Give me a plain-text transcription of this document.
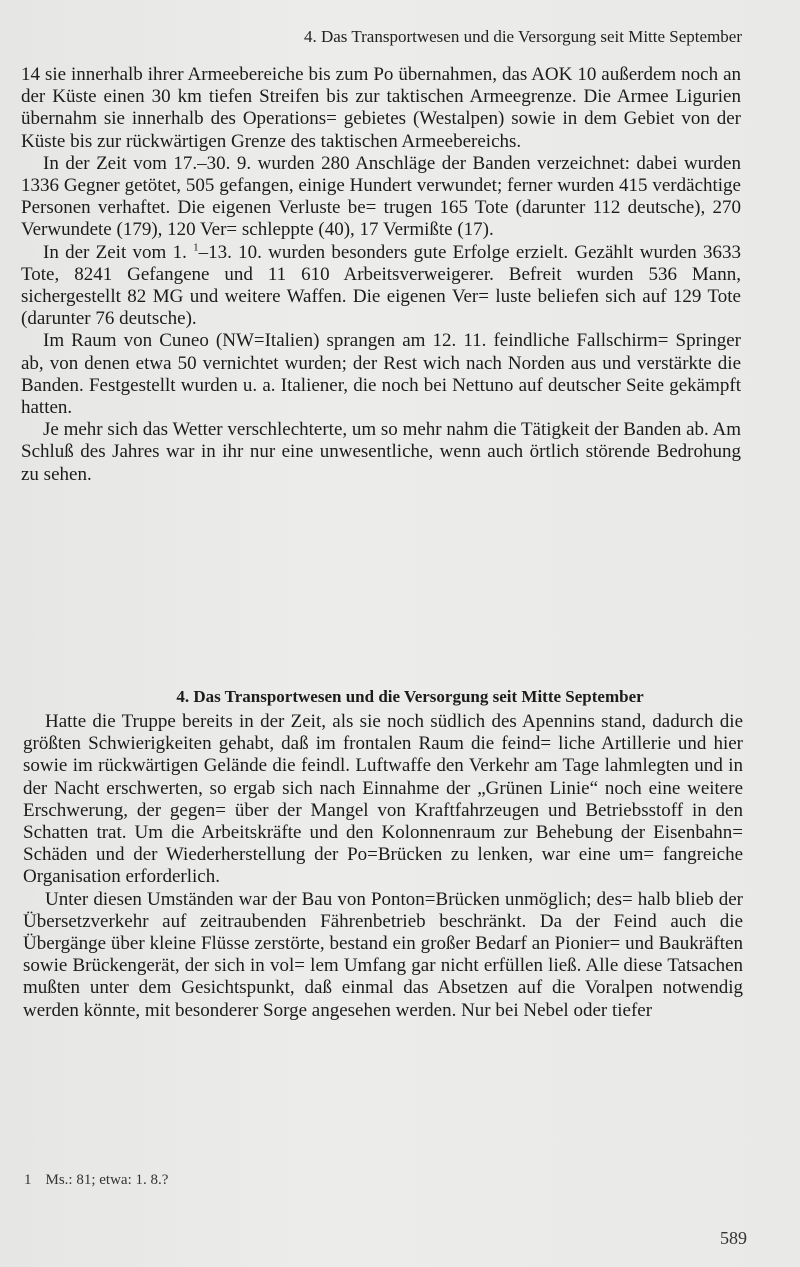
4. Das Transportwesen und die Versorgung seit Mitte September

14 sie innerhalb ihrer Armeebereiche bis zum Po übernahmen, das AOK 10 außerdem noch an der Küste einen 30 km tiefen Streifen bis zur taktischen Armeegrenze. Die Armee Ligurien übernahm sie innerhalb des Operations= gebietes (Westalpen) sowie in dem Gebiet von der Küste bis zur rückwärtigen Grenze des taktischen Armeebereichs.

In der Zeit vom 17.–30. 9. wurden 280 Anschläge der Banden verzeichnet: dabei wurden 1336 Gegner getötet, 505 gefangen, einige Hundert verwundet; ferner wurden 415 verdächtige Personen verhaftet. Die eigenen Verluste be= trugen 165 Tote (darunter 112 deutsche), 270 Verwundete (179), 120 Ver= schleppte (40), 17 Vermißte (17).

In der Zeit vom 1. $^1$–13. 10. wurden besonders gute Erfolge erzielt. Gezählt wurden 3633 Tote, 8241 Gefangene und 11 610 Arbeitsverweigerer. Befreit wurden 536 Mann, sichergestellt 82 MG und weitere Waffen. Die eigenen Ver= luste beliefen sich auf 129 Tote (darunter 76 deutsche).

Im Raum von Cuneo (NW=Italien) sprangen am 12. 11. feindliche Fallschirm= Springer ab, von denen etwa 50 vernichtet wurden; der Rest wich nach Norden aus und verstärkte die Banden. Festgestellt wurden u. a. Italiener, die noch bei Nettuno auf deutscher Seite gekämpft hatten.

Je mehr sich das Wetter verschlechterte, um so mehr nahm die Tätigkeit der Banden ab. Am Schluß des Jahres war in ihr nur eine unwesentliche, wenn auch örtlich störende Bedrohung zu sehen.

4. Das Transportwesen und die Versorgung seit Mitte September

Hatte die Truppe bereits in der Zeit, als sie noch südlich des Apennins stand, dadurch die größten Schwierigkeiten gehabt, daß im frontalen Raum die feind= liche Artillerie und hier sowie im rückwärtigen Gelände die feindl. Luftwaffe den Verkehr am Tage lahmlegten und in der Nacht erschwerten, so ergab sich nach Einnahme der „Grünen Linie“ noch eine weitere Erschwerung, der gegen= über der Mangel von Kraftfahrzeugen und Betriebsstoff in den Schatten trat. Um die Arbeitskräfte und den Kolonnenraum zur Behebung der Eisenbahn= Schäden und der Wiederherstellung der Po=Brücken zu lenken, war eine um= fangreiche Organisation erforderlich.

Unter diesen Umständen war der Bau von Ponton=Brücken unmöglich; des= halb blieb der Übersetzverkehr auf zeitraubenden Fährenbetrieb beschränkt. Da der Feind auch die Übergänge über kleine Flüsse zerstörte, bestand ein großer Bedarf an Pionier= und Baukräften sowie Brückengerät, der sich in vol= lem Umfang gar nicht erfüllen ließ. Alle diese Tatsachen mußten unter dem Gesichtspunkt, daß einmal das Absetzen auf die Voralpen notwendig werden könnte, mit besonderer Sorge angesehen werden. Nur bei Nebel oder tiefer

1 Ms.: 81; etwa: 1. 8.?
589
